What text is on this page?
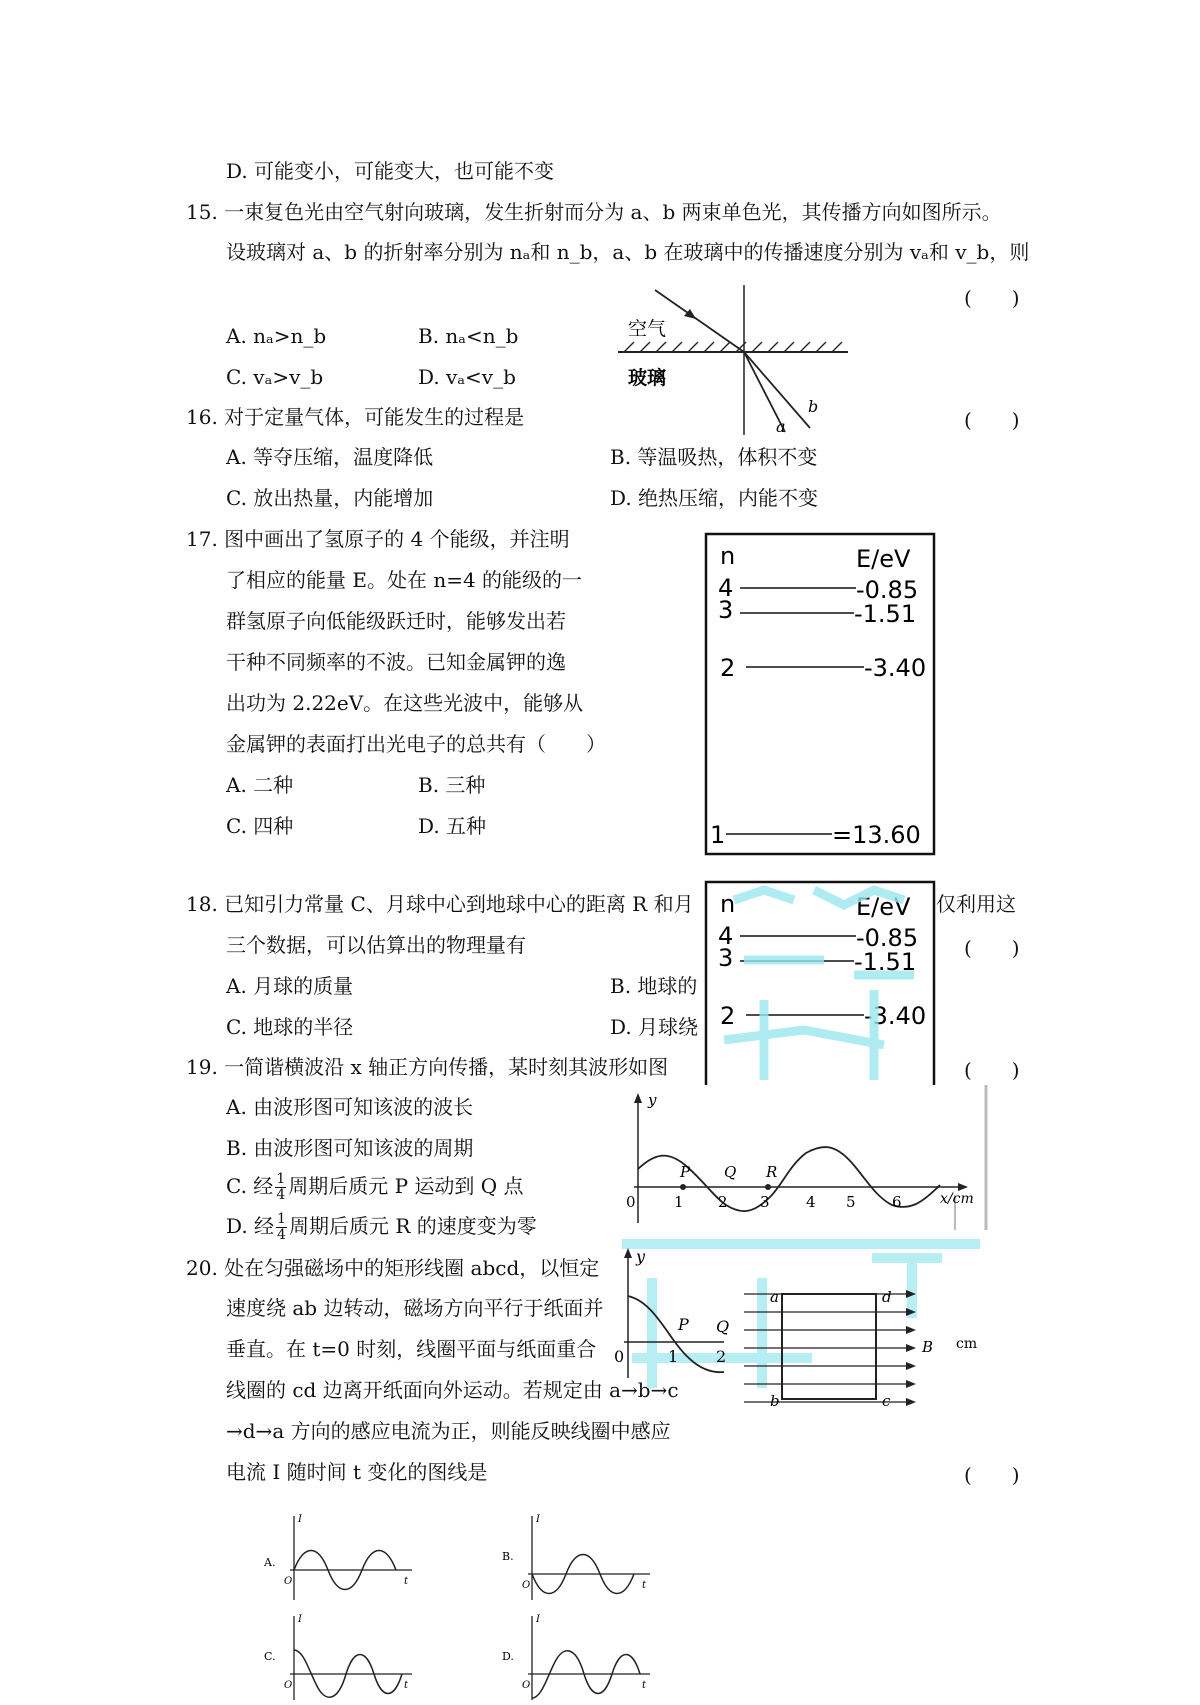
D. 可能变小，可能变大，也可能不变
15. 一束复色光由空气射向玻璃，发生折射而分为 a、b 两束单色光，其传播方向如图所示。
设玻璃对 a、b 的折射率分别为 nₐ和 n_b，a、b 在玻璃中的传播速度分别为 vₐ和 v_b，则
(　　)
A. nₐ>n_b	B. nₐ<n_b
C. vₐ>v_b	D. vₐ<v_b
空气
玻璃
a
b
16. 对于定量气体，可能发生的过程是	(　　)
A. 等夺压缩，温度降低	B. 等温吸热，体积不变
C. 放出热量，内能增加	D. 绝热压缩，内能不变
17. 图中画出了氢原子的 4 个能级，并注明
了相应的能量 E。处在 n=4 的能级的一
群氢原子向低能级跃迁时，能够发出若
干种不同频率的不波。已知金属钾的逸
出功为 2.22eV。在这些光波中，能够从
金属钾的表面打出光电子的总共有（　　）
A. 二种	B. 三种
C. 四种	D. 五种
n	E/eV
4	-0.85
3	-1.51
2	-3.40
1	=13.60
18. 已知引力常量 C、月球中心到地球中心的距离 R 和月	仅利用这
三个数据，可以估算出的物理量有	(　　)
A. 月球的质量	B. 地球的
C. 地球的半径	D. 月球绕
n	E/eV
4	-0.85
3	-1.51
2	-3.40
19. 一简谐横波沿 x 轴正方向传播，某时刻其波形如图	(　　)
A. 由波形图可知该波的波长
B. 由波形图可知该波的周期
C. 经 $\frac{1}{4}$ 周期后质元 P 运动到 Q 点
D. 经 $\frac{1}{4}$ 周期后质元 R 的速度变为零
y
x/cm
P Q R
0	1 2 3 4 5 6
20. 处在匀强磁场中的矩形线圈 abcd，以恒定
速度绕 ab 边转动，磁场方向平行于纸面并
垂直。在 t=0 时刻，线圈平面与纸面重合
线圈的 cd 边离开纸面向外运动。若规定由 a→b→c
→d→a 方向的感应电流为正，则能反映线圈中感应
电流 I 随时间 t 变化的图线是	(　　)
y
P Q
0	1 2
cm
a	d
b	c
B
A.
I
t
O
B.
I
t
O
C.
I
t
O
D.
I
t
O
